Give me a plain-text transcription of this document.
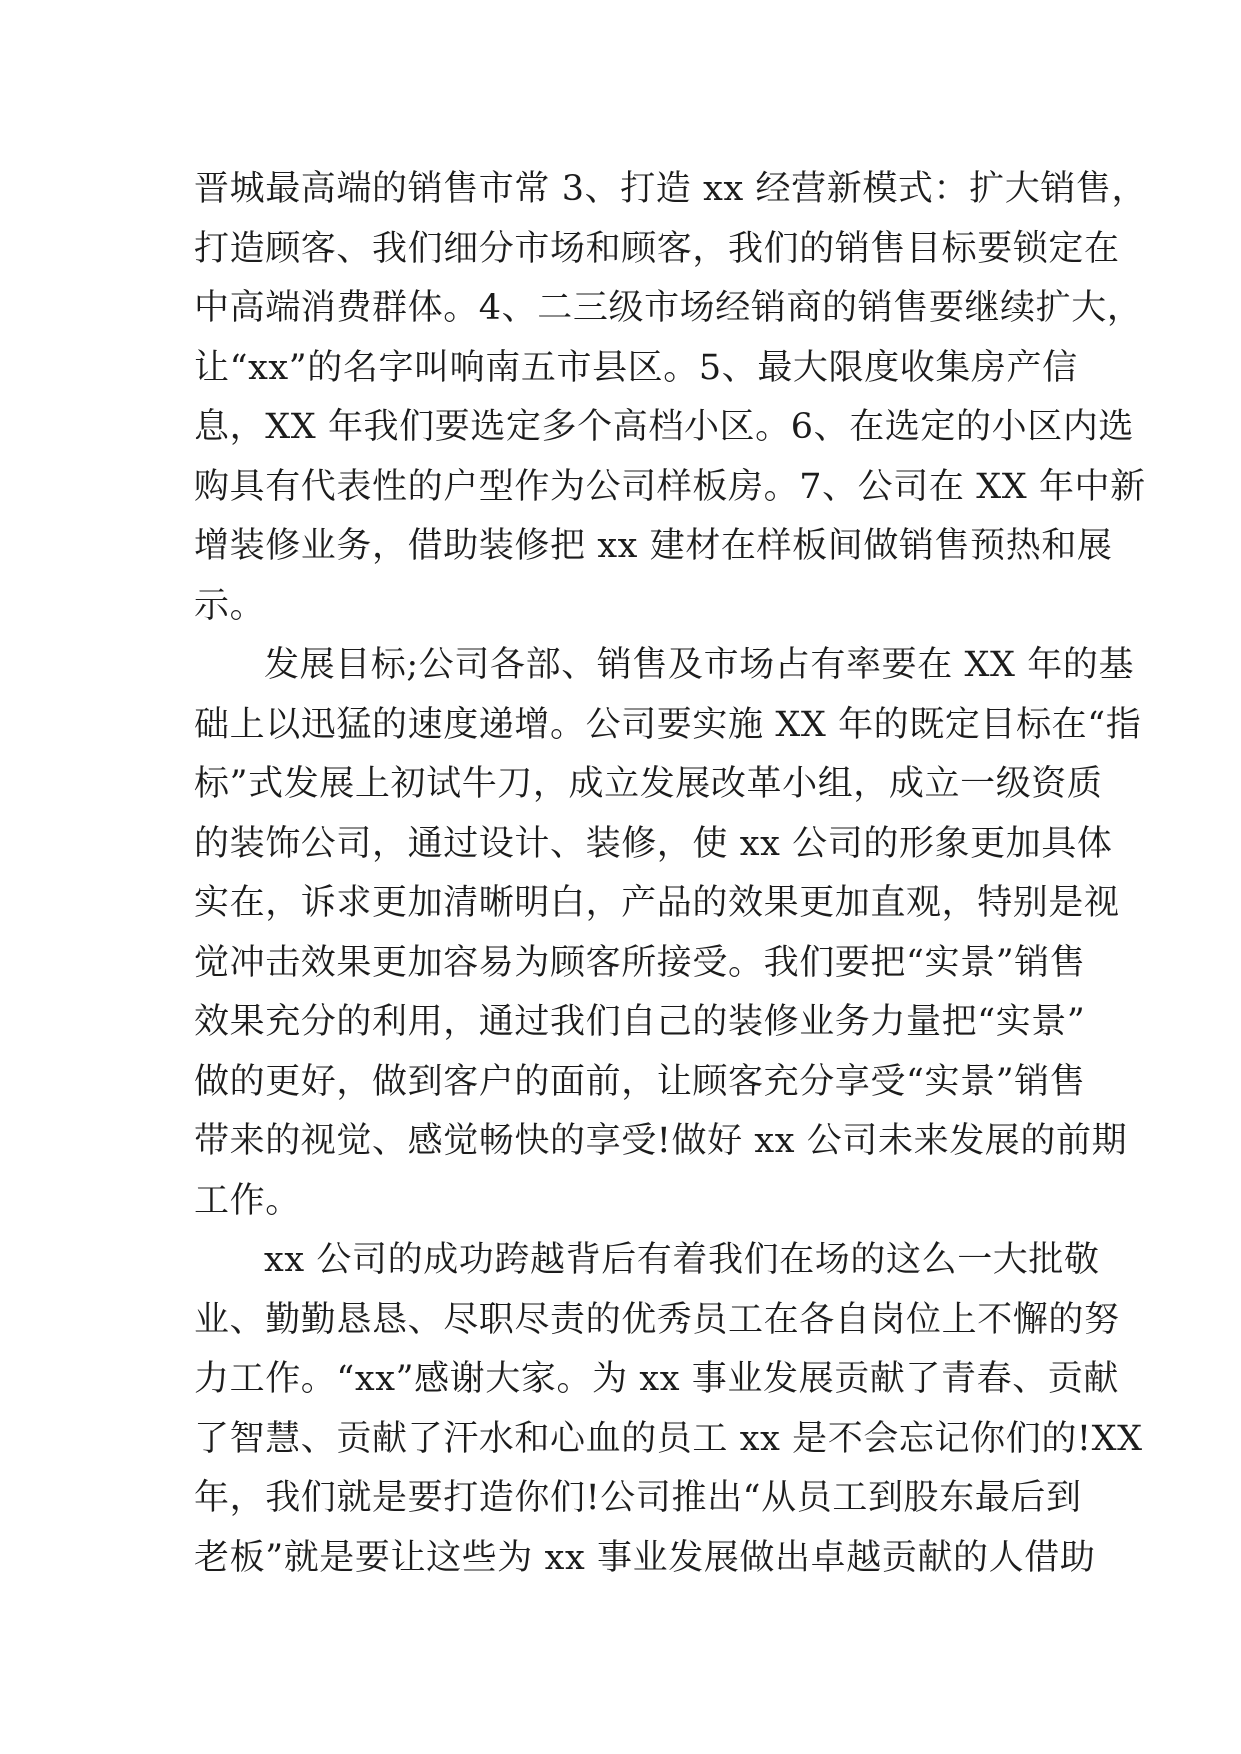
晋城最高端的销售市常 3、打造 xx 经营新模式：扩大销售，
打造顾客、我们细分市场和顾客，我们的销售目标要锁定在
中高端消费群体。4、二三级市场经销商的销售要继续扩大，
让“xx”的名字叫响南五市县区。5、最大限度收集房产信
息，XX 年我们要选定多个高档小区。6、在选定的小区内选
购具有代表性的户型作为公司样板房。7、公司在 XX 年中新
增装修业务，借助装修把 xx 建材在样板间做销售预热和展
示。
发展目标;公司各部、销售及市场占有率要在 XX 年的基
础上以迅猛的速度递增。公司要实施 XX 年的既定目标在“指
标”式发展上初试牛刀，成立发展改革小组，成立一级资质
的装饰公司，通过设计、装修，使 xx 公司的形象更加具体
实在，诉求更加清晰明白，产品的效果更加直观，特别是视
觉冲击效果更加容易为顾客所接受。我们要把“实景”销售
效果充分的利用，通过我们自己的装修业务力量把“实景”
做的更好，做到客户的面前，让顾客充分享受“实景”销售
带来的视觉、感觉畅快的享受!做好 xx 公司未来发展的前期
工作。
xx 公司的成功跨越背后有着我们在场的这么一大批敬
业、勤勤恳恳、尽职尽责的优秀员工在各自岗位上不懈的努
力工作。“xx”感谢大家。为 xx 事业发展贡献了青春、贡献
了智慧、贡献了汗水和心血的员工 xx 是不会忘记你们的!XX
年，我们就是要打造你们!公司推出“从员工到股东最后到
老板”就是要让这些为 xx 事业发展做出卓越贡献的人借助
